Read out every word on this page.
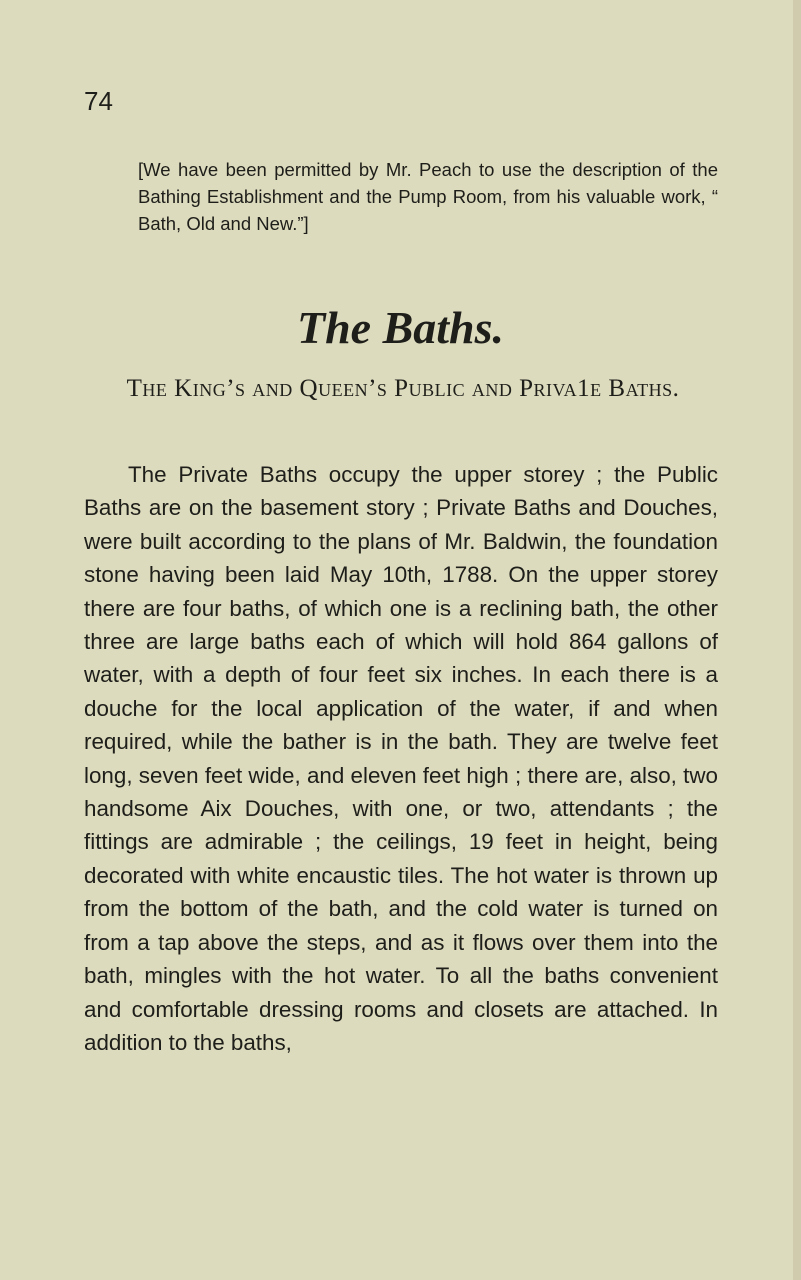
74
[We have been permitted by Mr. Peach to use the description of the Bathing Establishment and the Pump Room, from his valuable work, “ Bath, Old and New.”]
The Baths.
The King’s and Queen’s Public and Priva1e Baths.

The Private Baths occupy the upper storey ; the Public Baths are on the basement story ; Private Baths and Douches, were built according to the plans of Mr. Baldwin, the foundation stone having been laid May 10th, 1788. On the upper storey there are four baths, of which one is a reclining bath, the other three are large baths each of which will hold 864 gallons of water, with a depth of four feet six inches. In each there is a douche for the local application of the water, if and when required, while the bather is in the bath. They are twelve feet long, seven feet wide, and eleven feet high ; there are, also, two handsome Aix Douches, with one, or two, attendants ; the fittings are admirable ; the ceilings, 19 feet in height, being decorated with white encaustic tiles. The hot water is thrown up from the bottom of the bath, and the cold water is turned on from a tap above the steps, and as it flows over them into the bath, mingles with the hot water. To all the baths convenient and comfortable dressing rooms and closets are attached. In addition to the baths,
